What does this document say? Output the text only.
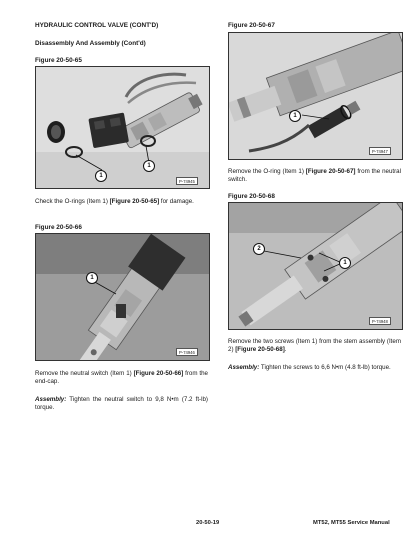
HYDRAULIC CONTROL VALVE (CONT'D)
Disassembly And Assembly (Cont'd)
Figure 20-50-65
1
1
P-74945
Check the O-rings (Item 1) [Figure 20-50-65] for damage.
Figure 20-50-66
1
P-74946
Remove the neutral switch (Item 1) [Figure 20-50-66] from the end-cap.
Assembly: Tighten the neutral switch to 9,8 N•m (7.2 ft-lb) torque.
Figure 20-50-67
1
P-74947
Remove the O-ring (Item 1) [Figure 20-50-67] from the neutral switch.
Figure 20-50-68
2
1
P-74948
Remove the two screws (Item 1) from the stem assembly (Item 2) [Figure 20-50-68].
Assembly: Tighten the screws to 6,6 N•m (4.8 ft-lb) torque.
20-50-19	MT52, MT55 Service Manual
